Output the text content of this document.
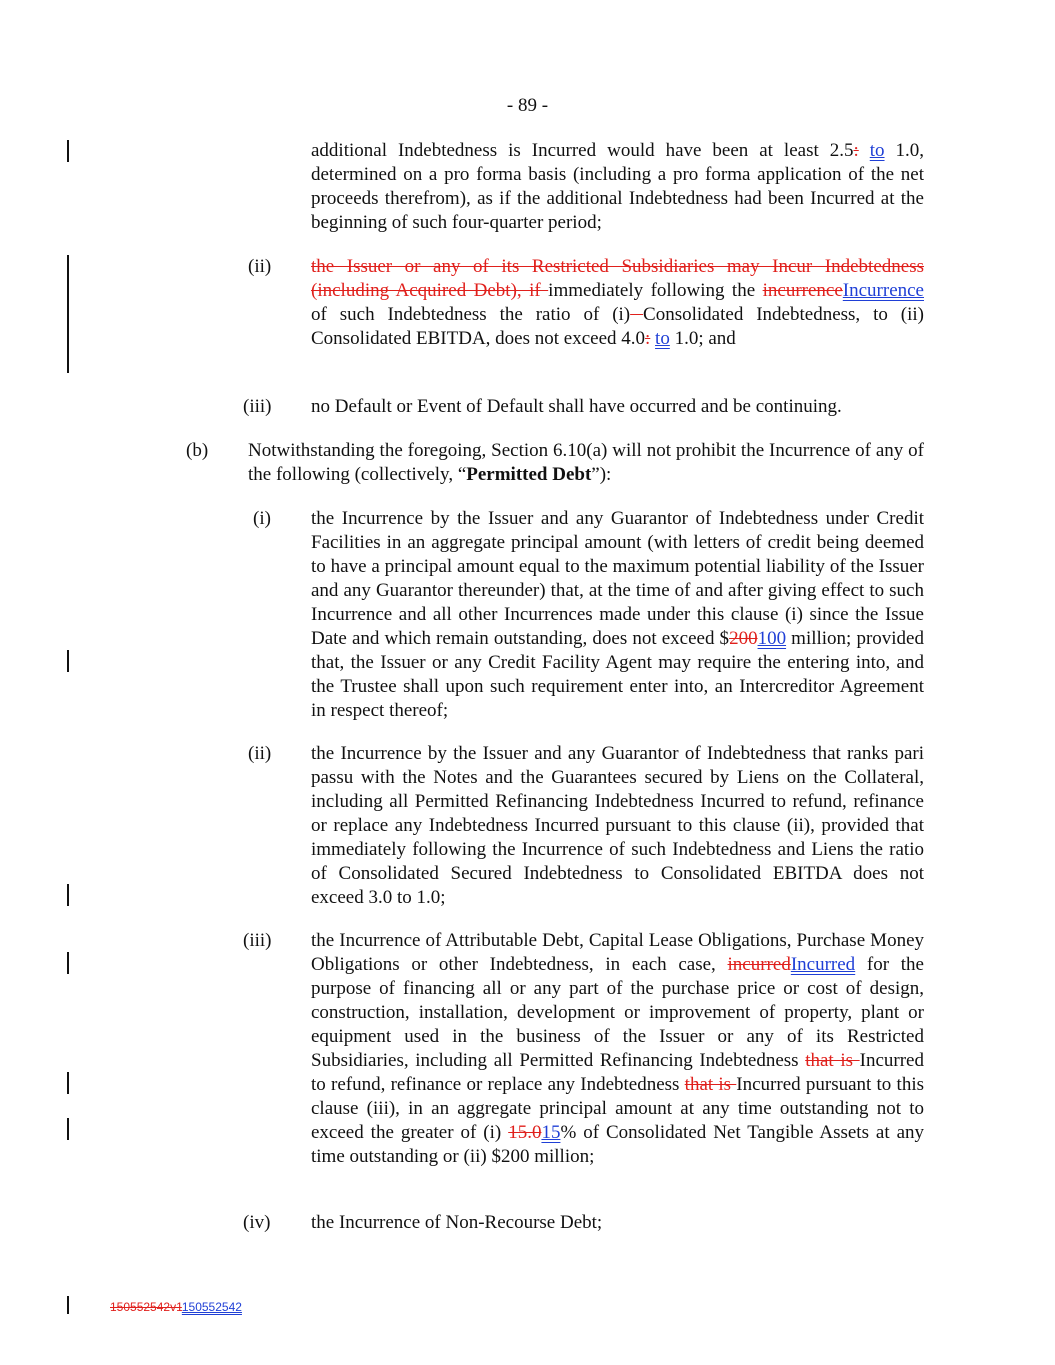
- 89 -
additional Indebtedness is Incurred would have been at least 2.5: to 1.0, determined on a pro forma basis (including a pro forma application of the net proceeds therefrom), as if the additional Indebtedness had been Incurred at the beginning of such four-quarter period;
(ii) the Issuer or any of its Restricted Subsidiaries may Incur Indebtedness (including Acquired Debt), if immediately following the incurrenceIncurrence of such Indebtedness the ratio of (i) Consolidated Indebtedness, to (ii) Consolidated EBITDA, does not exceed 4.0: to 1.0; and
(iii) no Default or Event of Default shall have occurred and be continuing.
(b) Notwithstanding the foregoing, Section 6.10(a) will not prohibit the Incurrence of any of the following (collectively, “Permitted Debt”):
(i) the Incurrence by the Issuer and any Guarantor of Indebtedness under Credit Facilities in an aggregate principal amount (with letters of credit being deemed to have a principal amount equal to the maximum potential liability of the Issuer and any Guarantor thereunder) that, at the time of and after giving effect to such Incurrence and all other Incurrences made under this clause (i) since the Issue Date and which remain outstanding, does not exceed $200100 million; provided that, the Issuer or any Credit Facility Agent may require the entering into, and the Trustee shall upon such requirement enter into, an Intercreditor Agreement in respect thereof;
(ii) the Incurrence by the Issuer and any Guarantor of Indebtedness that ranks pari passu with the Notes and the Guarantees secured by Liens on the Collateral, including all Permitted Refinancing Indebtedness Incurred to refund, refinance or replace any Indebtedness Incurred pursuant to this clause (ii), provided that immediately following the Incurrence of such Indebtedness and Liens the ratio of Consolidated Secured Indebtedness to Consolidated EBITDA does not exceed 3.0 to 1.0;
(iii) the Incurrence of Attributable Debt, Capital Lease Obligations, Purchase Money Obligations or other Indebtedness, in each case, incurredIncurred for the purpose of financing all or any part of the purchase price or cost of design, construction, installation, development or improvement of property, plant or equipment used in the business of the Issuer or any of its Restricted Subsidiaries, including all Permitted Refinancing Indebtedness that is Incurred to refund, refinance or replace any Indebtedness that is Incurred pursuant to this clause (iii), in an aggregate principal amount at any time outstanding not to exceed the greater of (i) 15.015% of Consolidated Net Tangible Assets at any time outstanding or (ii) $200 million;
(iv) the Incurrence of Non-Recourse Debt;
150552542v1150552542
